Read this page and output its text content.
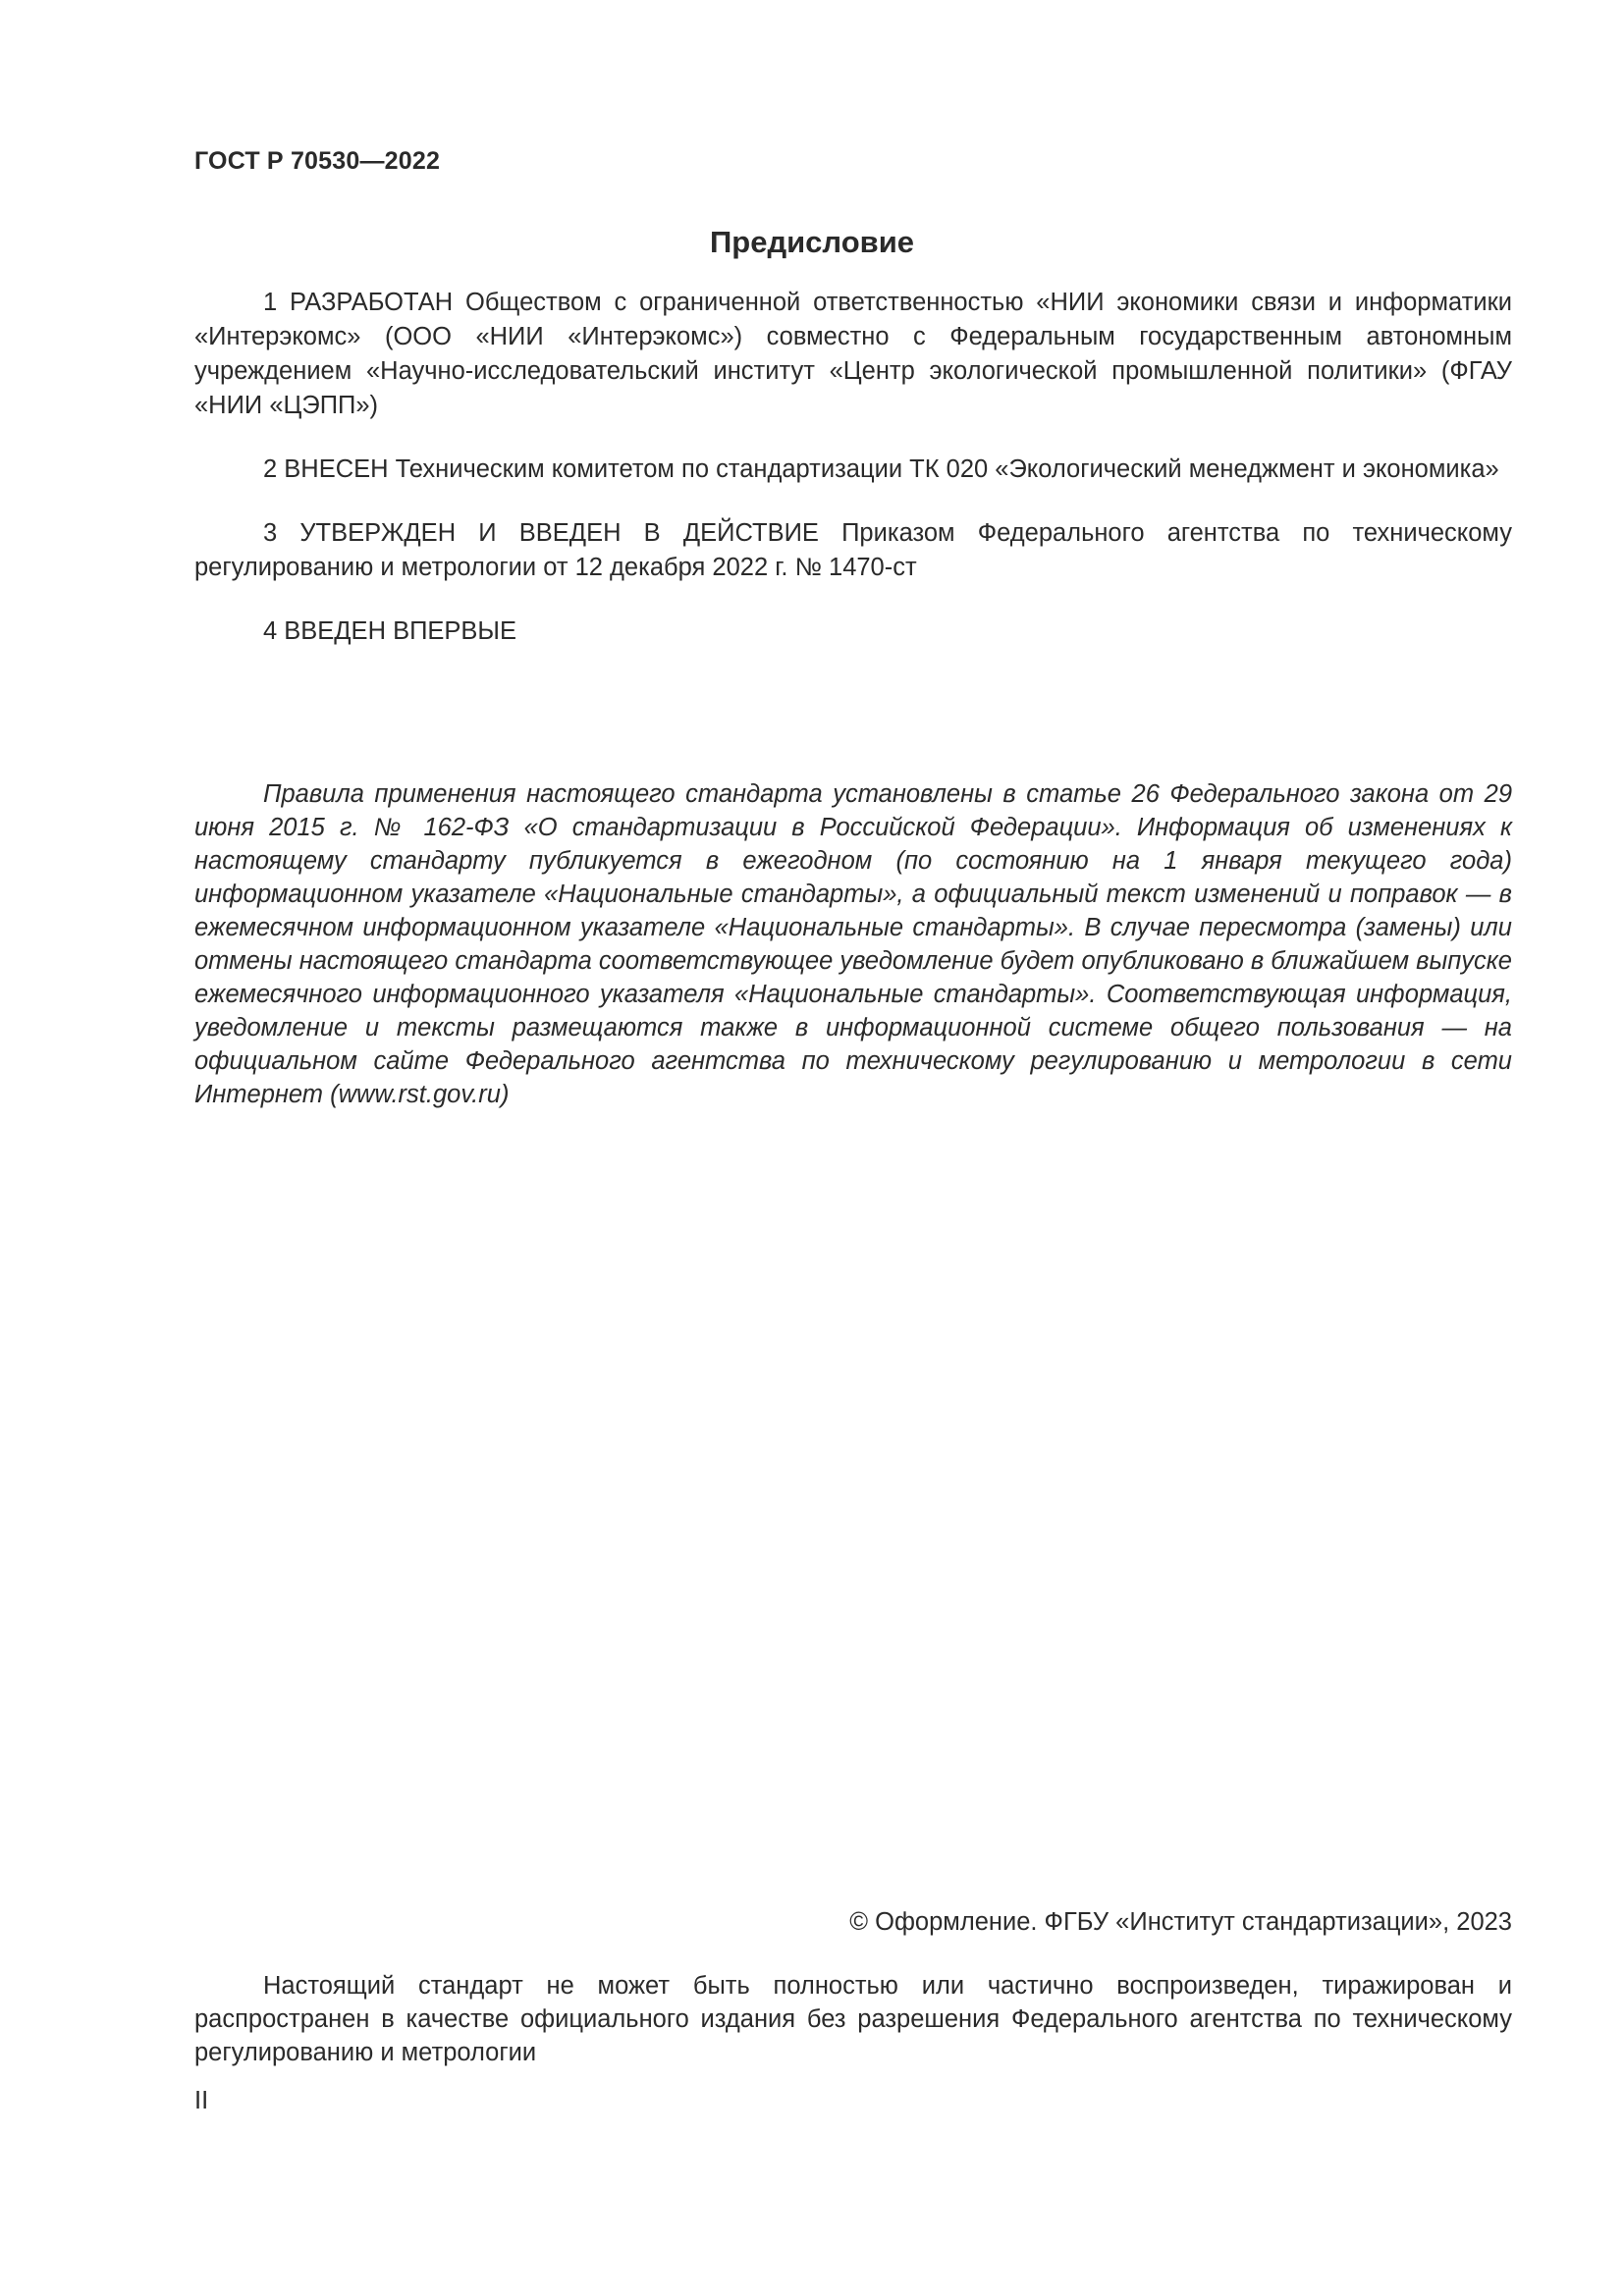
ГОСТ Р 70530—2022

Предисловие

1 РАЗРАБОТАН Обществом с ограниченной ответственностью «НИИ экономики связи и информатики «Интерэкомс» (ООО «НИИ «Интерэкомс») совместно с Федеральным государственным автономным учреждением «Научно-исследовательский институт «Центр экологической промышленной политики» (ФГАУ «НИИ «ЦЭПП»)

2 ВНЕСЕН Техническим комитетом по стандартизации ТК 020 «Экологический менеджмент и экономика»

3 УТВЕРЖДЕН И ВВЕДЕН В ДЕЙСТВИЕ Приказом Федерального агентства по техническому регулированию и метрологии от 12 декабря 2022 г. № 1470-ст

4 ВВЕДЕН ВПЕРВЫЕ

Правила применения настоящего стандарта установлены в статье 26 Федерального закона от 29 июня 2015 г. № 162-ФЗ «О стандартизации в Российской Федерации». Информация об изменениях к настоящему стандарту публикуется в ежегодном (по состоянию на 1 января текущего года) информационном указателе «Национальные стандарты», а официальный текст изменений и поправок — в ежемесячном информационном указателе «Национальные стандарты». В случае пересмотра (замены) или отмены настоящего стандарта соответствующее уведомление будет опубликовано в ближайшем выпуске ежемесячного информационного указателя «Национальные стандарты». Соответствующая информация, уведомление и тексты размещаются также в информационной системе общего пользования — на официальном сайте Федерального агентства по техническому регулированию и метрологии в сети Интернет (www.rst.gov.ru)

© Оформление. ФГБУ «Институт стандартизации», 2023

Настоящий стандарт не может быть полностью или частично воспроизведен, тиражирован и распространен в качестве официального издания без разрешения Федерального агентства по техническому регулированию и метрологии

II
